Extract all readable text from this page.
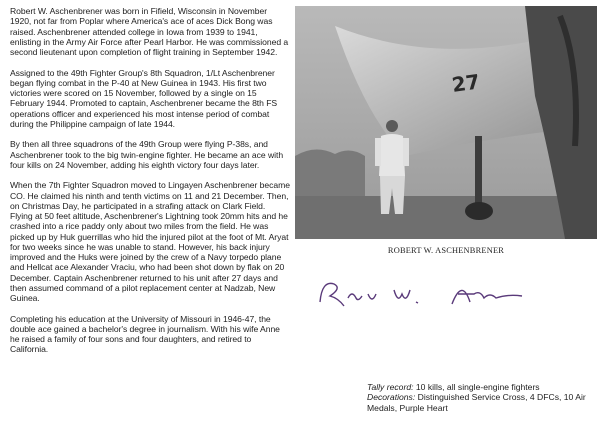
Robert W. Aschenbrener was born in Fifield, Wisconsin in November 1920, not far from Poplar where America's ace of aces Dick Bong was raised. Aschenbrener attended college in Iowa from 1939 to 1941, enlisting in the Army Air Force after Pearl Harbor. He was commissioned a second lieutenant upon completion of flight training in September 1942.

Assigned to the 49th Fighter Group's 8th Squadron, 1/Lt Aschenbrener began flying combat in the P-40 at New Guinea in 1943. His first two victories were scored on 15 November, followed by a single on 15 February 1944. Promoted to captain, Aschenbrener became the 8th FS operations officer and experienced his most intense period of combat during the Philippine campaign of late 1944.

By then all three squadrons of the 49th Group were flying P-38s, and Aschenbrener took to the big twin-engine fighter. He became an ace with four kills on 24 November, adding his eighth victory four days later.

When the 7th Fighter Squadron moved to Lingayen Aschenbrener became CO. He claimed his ninth and tenth victims on 11 and 21 December. Then, on Christmas Day, he participated in a strafing attack on Clark Field. Flying at 50 feet altitude, Aschenbrener's Lightning took 20mm hits and he crashed into a rice paddy only about two miles from the field. He was picked up by Huk guerrillas who hid the injured pilot at the foot of Mt. Aryat for two weeks since he was unable to stand. However, his back injury improved and the Huks were joined by the crew of a Navy torpedo plane and Hellcat ace Alexander Vraciu, who had been shot down by flak on 20 December. Captain Aschenbrener returned to his unit after 27 days and then assumed command of a pilot replacement center at Nadzab, New Guinea.

Completing his education at the University of Missouri in 1946-47, the double ace gained a bachelor's degree in journalism. With his wife Anne he raised a family of four sons and four daughters, and retired to California.

27
ROBERT W. ASCHENBRENER
Tally record: 10 kills, all single-engine fighters
Decorations: Distinguished Service Cross, 4 DFCs, 10 Air Medals, Purple Heart
